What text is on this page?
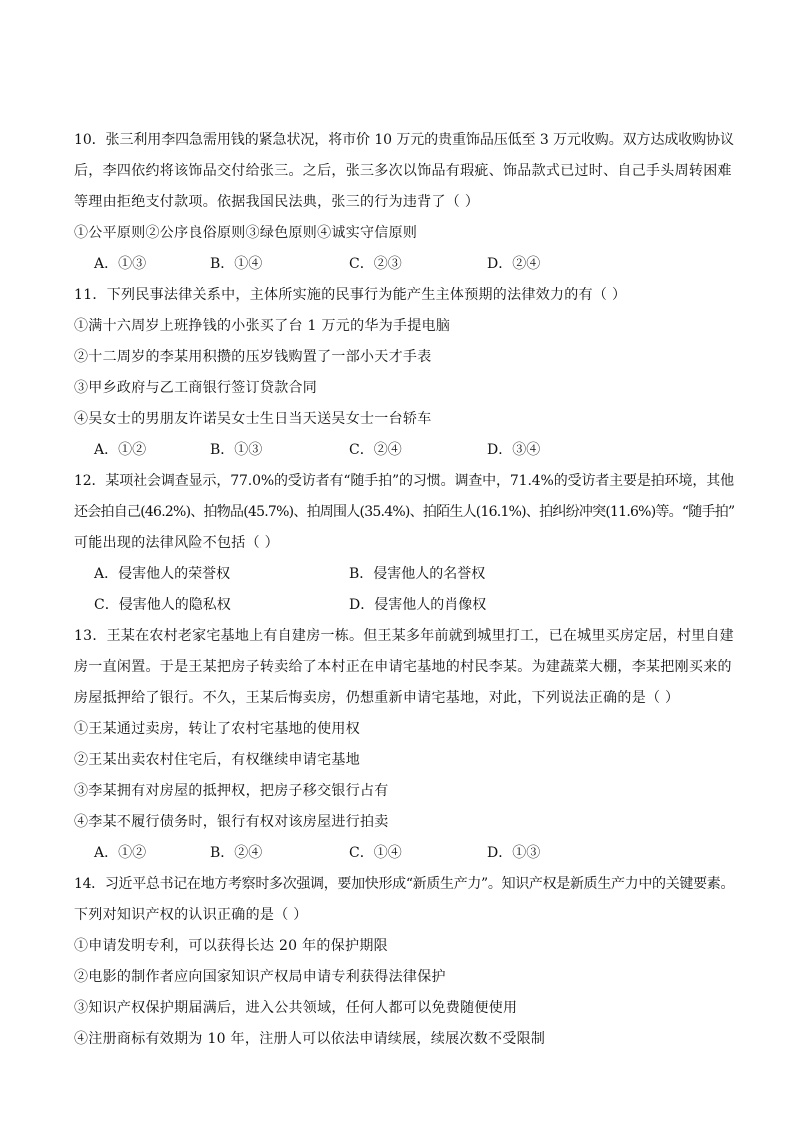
10．张三利用李四急需用钱的紧急状况，将市价 10 万元的贵重饰品压低至 3 万元收购。双方达成收购协议
后，李四依约将该饰品交付给张三。之后，张三多次以饰品有瑕疵、饰品款式已过时、自己手头周转困难
等理由拒绝支付款项。依据我国民法典，张三的行为违背了（ ）
①公平原则②公序良俗原则③绿色原则④诚实守信原则
A．①③	B．①④	C．②③	D．②④
11．下列民事法律关系中，主体所实施的民事行为能产生主体预期的法律效力的有（ ）
①满十六周岁上班挣钱的小张买了台 1 万元的华为手提电脑
②十二周岁的李某用积攒的压岁钱购置了一部小天才手表
③甲乡政府与乙工商银行签订贷款合同
④吴女士的男朋友许诺吴女士生日当天送吴女士一台轿车
A．①②	B．①③	C．②④	D．③④
12．某项社会调查显示，77.0%的受访者有“随手拍”的习惯。调查中，71.4%的受访者主要是拍环境，其他
还会拍自己(46.2%)、拍物品(45.7%)、拍周围人(35.4%)、拍陌生人(16.1%)、拍纠纷冲突(11.6%)等。“随手拍”
可能出现的法律风险不包括（ ）
A．侵害他人的荣誉权	B．侵害他人的名誉权
C．侵害他人的隐私权	D．侵害他人的肖像权
13．王某在农村老家宅基地上有自建房一栋。但王某多年前就到城里打工，已在城里买房定居，村里自建
房一直闲置。于是王某把房子转卖给了本村正在申请宅基地的村民李某。为建蔬菜大棚，李某把刚买来的
房屋抵押给了银行。不久，王某后悔卖房，仍想重新申请宅基地，对此，下列说法正确的是（ ）
①王某通过卖房，转让了农村宅基地的使用权
②王某出卖农村住宅后，有权继续申请宅基地
③李某拥有对房屋的抵押权，把房子移交银行占有
④李某不履行债务时，银行有权对该房屋进行拍卖
A．①②	B．②④	C．①④	D．①③
14．习近平总书记在地方考察时多次强调，要加快形成“新质生产力”。知识产权是新质生产力中的关键要素。
下列对知识产权的认识正确的是（ ）
①申请发明专利，可以获得长达 20 年的保护期限
②电影的制作者应向国家知识产权局申请专利获得法律保护
③知识产权保护期届满后，进入公共领域，任何人都可以免费随便使用
④注册商标有效期为 10 年，注册人可以依法申请续展，续展次数不受限制
